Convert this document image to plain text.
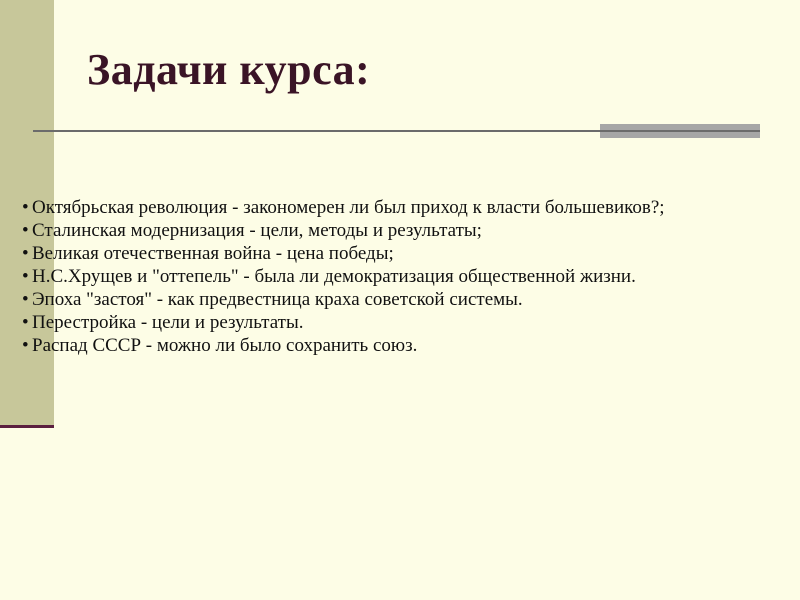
Задачи курса:
• Октябрьская революция - закономерен ли был приход к власти большевиков?;
• Сталинская модернизация - цели, методы и результаты;
• Великая отечественная война - цена победы;
• Н.С.Хрущев и "оттепель" - была ли демократизация общественной жизни.
• Эпоха "застоя" - как предвестница краха советской системы.
• Перестройка - цели и результаты.
• Распад СССР - можно ли было сохранить союз.
